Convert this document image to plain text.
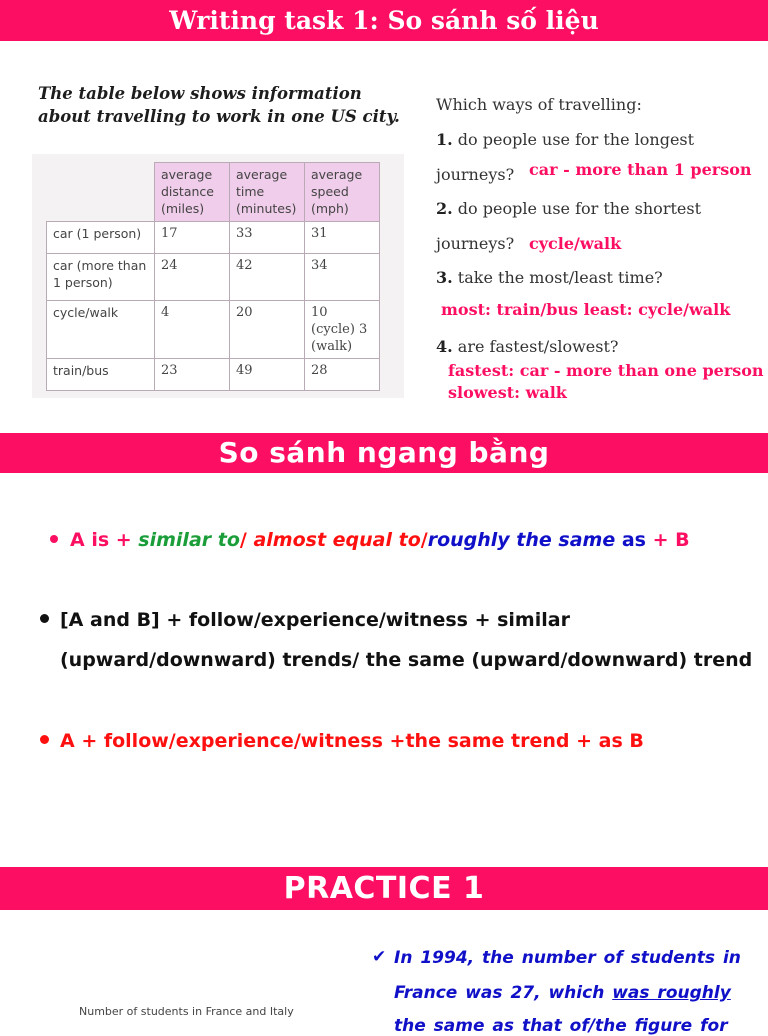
Writing task 1: So sánh số liệu
The table below shows information about travelling to work in one US city.

	average distance (miles)	average time (minutes)	average speed (mph)

car (1 person)	17	33	31
car (more than 1 person)	24	42	34
cycle/walk	4	20	10 (cycle) 3 (walk)
train/bus	23	49	28
Which ways of travelling:
1. do people use for the longest
journeys?
2. do people use for the shortest
journeys?
3. take the most/least time?
4. are fastest/slowest?
car - more than 1 person
cycle/walk
most: train/bus least: cycle/walk
fastest: car - more than one person
slowest: walk
So sánh ngang bằng
A is + similar to/ almost equal to/roughly the same as + B
[A and B] + follow/experience/witness + similar
(upward/downward) trends/ the same (upward/downward) trend
A + follow/experience/witness +the same trend + as B
PRACTICE 1
✔ In 1994, the number of students in
France was 27, which was roughly
the same as that of/the figure for
Number of students in France and Italy
